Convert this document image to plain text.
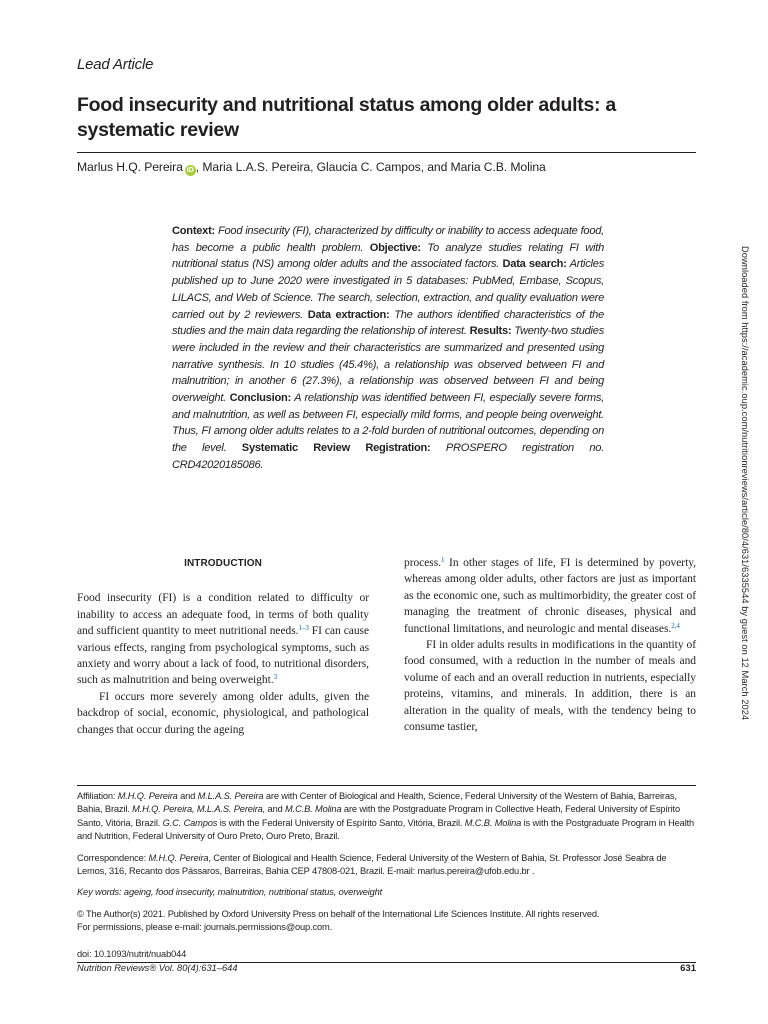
Lead Article
Food insecurity and nutritional status among older adults: a systematic review
Marlus H.Q. Pereira iD , Maria L.A.S. Pereira, Glaucia C. Campos, and Maria C.B. Molina
Context: Food insecurity (FI), characterized by difficulty or inability to access adequate food, has become a public health problem. Objective: To analyze studies relating FI with nutritional status (NS) among older adults and the associated factors. Data search: Articles published up to June 2020 were investigated in 5 databases: PubMed, Embase, Scopus, LILACS, and Web of Science. The search, selection, extraction, and quality evaluation were carried out by 2 reviewers. Data extraction: The authors identified characteristics of the studies and the main data regarding the relationship of interest. Results: Twenty-two studies were included in the review and their characteristics are summarized and presented using narrative synthesis. In 10 studies (45.4%), a relationship was observed between FI and malnutrition; in another 6 (27.3%), a relationship was observed between FI and being overweight. Conclusion: A relationship was identified between FI, especially severe forms, and malnutrition, as well as between FI, especially mild forms, and people being overweight. Thus, FI among older adults relates to a 2-fold burden of nutritional outcomes, depending on the level. Systematic Review Registration: PROSPERO registration no. CRD42020185086.	Downloaded from https://academic.oup.com/nutritionreviews/article/80/4/631/6335544 by guest on 12 March 2024
INTRODUCTION

Food insecurity (FI) is a condition related to difficulty or inability to access an adequate food, in terms of both quality and sufficient quantity to meet nutritional needs.$^{1-3}$ FI can cause various effects, ranging from psychological symptoms, such as anxiety and worry about a lack of food, to nutritional disorders, such as malnutrition and being overweight.$^3$

FI occurs more severely among older adults, given the backdrop of social, economic, physiological, and pathological changes that occur during the ageing

process.$^1$ In other stages of life, FI is determined by poverty, whereas among older adults, other factors are just as important as the economic one, such as multimorbidity, the greater cost of managing the treatment of chronic diseases, physical and functional limitations, and neurologic and mental diseases.$^{2,4}$

FI in older adults results in modifications in the quantity of food consumed, with a reduction in the number of meals and volume of each and an overall reduction in nutrients, especially proteins, vitamins, and minerals. In addition, there is an alteration in the quality of meals, with the tendency being to consume tastier,

Affiliation: M.H.Q. Pereira and M.L.A.S. Pereira are with Center of Biological and Health, Science, Federal University of the Western of Bahia, Barreiras, Bahia, Brazil. M.H.Q. Pereira, M.L.A.S. Pereira, and M.C.B. Molina are with the Postgraduate Program in Collective Heath, Federal University of Espírito Santo, Vitória, Brazil. G.C. Campos is with the Federal University of Espírito Santo, Vitória, Brazil. M.C.B. Molina is with the Postgraduate Program in Health and Nutrition, Federal University of Ouro Preto, Ouro Preto, Brazil.
Correspondence: M.H.Q. Pereira, Center of Biological and Health Science, Federal University of the Western of Bahia, St. Professor José Seabra de Lemos, 316, Recanto dos Pássaros, Barreiras, Bahia CEP 47808-021, Brazil. E-mail: marlus.pereira@ufob.edu.br .
Key words: ageing, food insecurity, malnutrition, nutritional status, overweight
© The Author(s) 2021. Published by Oxford University Press on behalf of the International Life Sciences Institute. All rights reserved.
For permissions, please e-mail: journals.permissions@oup.com.
doi: 10.1093/nutrit/nuab044
Nutrition Reviews® Vol. 80(4):631–644	631
